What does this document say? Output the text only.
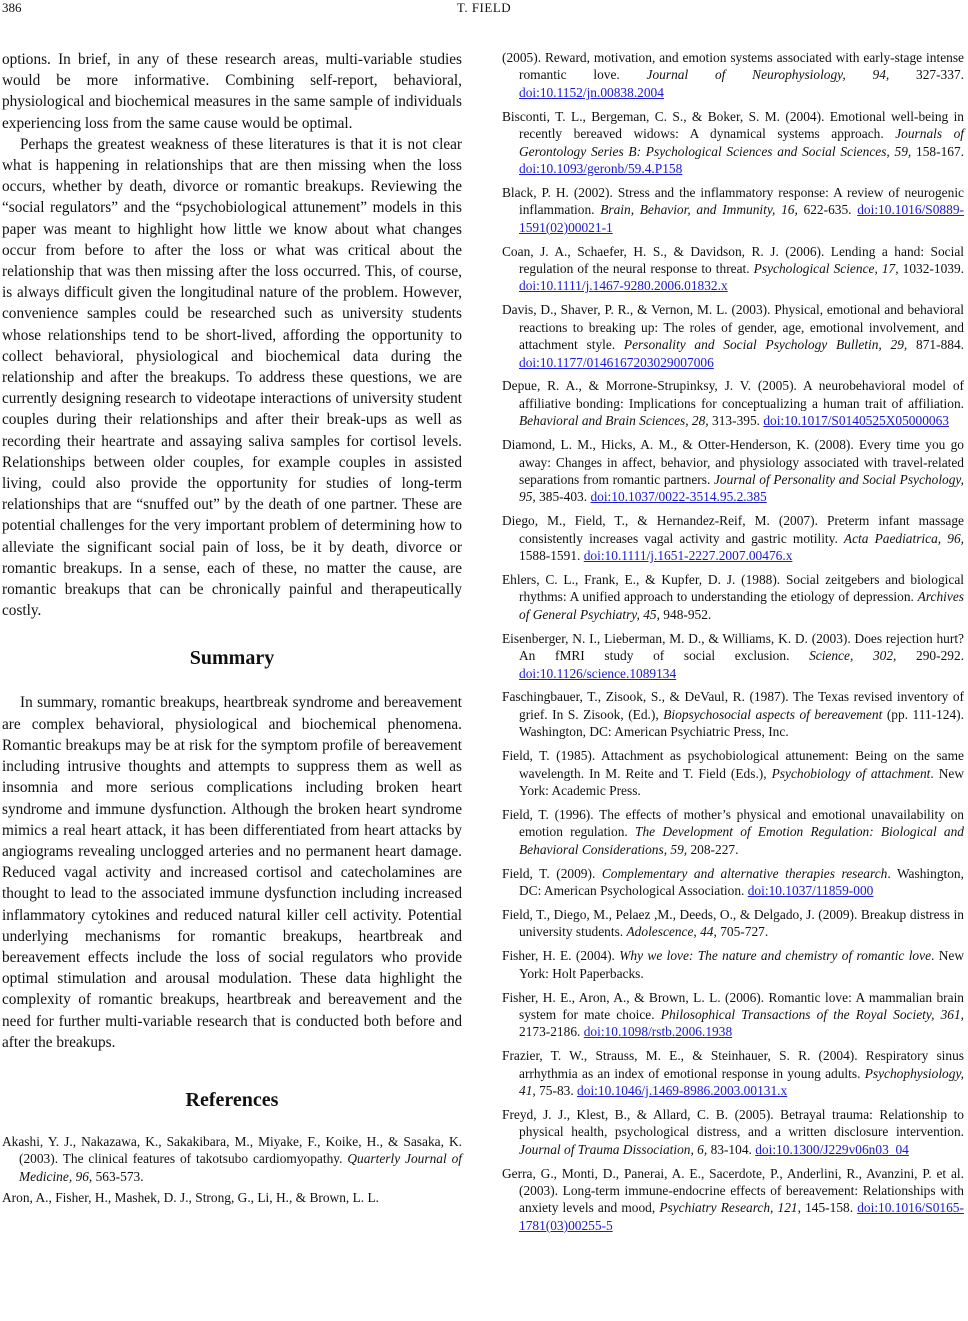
386	T. FIELD

options. In brief, in any of these research areas, multi-variable studies would be more informative. Combining self-report, behavioral, physiological and biochemical measures in the same sample of individuals experiencing loss from the same cause would be optimal.

Perhaps the greatest weakness of these literatures is that it is not clear what is happening in relationships that are then missing when the loss occurs, whether by death, divorce or romantic breakups. Reviewing the “social regulators” and the “psychobiological attunement” models in this paper was meant to highlight how little we know about what changes occur from before to after the loss or what was critical about the relationship that was then missing after the loss occurred. This, of course, is always difficult given the longitudinal nature of the problem. However, convenience samples could be researched such as university students whose relationships tend to be short-lived, affording the opportunity to collect behavioral, physiological and biochemical data during the relationship and after the breakups. To address these questions, we are currently designing research to videotape interactions of university student couples during their relationships and after their break-ups as well as recording their heartrate and assaying saliva samples for cortisol levels. Relationships between older couples, for example couples in assisted living, could also provide the opportunity for studies of long-term relationships that are “snuffed out” by the death of one partner. These are potential challenges for the very important problem of determining how to alleviate the significant social pain of loss, be it by death, divorce or romantic breakups. In a sense, each of these, no matter the cause, are romantic breakups that can be chronically painful and therapeutically costly.

Summary

In summary, romantic breakups, heartbreak syndrome and bereavement are complex behavioral, physiological and biochemical phenomena. Romantic breakups may be at risk for the symptom profile of bereavement including intrusive thoughts and attempts to suppress them as well as insomnia and more serious complications including broken heart syndrome and immune dysfunction. Although the broken heart syndrome mimics a real heart attack, it has been differentiated from heart attacks by angiograms revealing unclogged arteries and no permanent heart damage. Reduced vagal activity and increased cortisol and catecholamines are thought to lead to the associated immune dysfunction including increased inflammatory cytokines and reduced natural killer cell activity. Potential underlying mechanisms for romantic breakups, heartbreak and bereavement effects include the loss of social regulators who provide optimal stimulation and arousal modulation. These data highlight the complexity of romantic breakups, heartbreak and bereavement and the need for further multi-variable research that is conducted both before and after the breakups.

References

Akashi, Y. J., Nakazawa, K., Sakakibara, M., Miyake, F., Koike, H., & Sasaka, K. (2003). The clinical features of takotsubo cardiomyopathy. Quarterly Journal of Medicine, 96, 563-573.

Aron, A., Fisher, H., Mashek, D. J., Strong, G., Li, H., & Brown, L. L.

(2005). Reward, motivation, and emotion systems associated with early-stage intense romantic love. Journal of Neurophysiology, 94, 327-337. doi:10.1152/jn.00838.2004

Bisconti, T. L., Bergeman, C. S., & Boker, S. M. (2004). Emotional well-being in recently bereaved widows: A dynamical systems approach. Journals of Gerontology Series B: Psychological Sciences and Social Sciences, 59, 158-167. doi:10.1093/geronb/59.4.P158

Black, P. H. (2002). Stress and the inflammatory response: A review of neurogenic inflammation. Brain, Behavior, and Immunity, 16, 622-635. doi:10.1016/S0889-1591(02)00021-1

Coan, J. A., Schaefer, H. S., & Davidson, R. J. (2006). Lending a hand: Social regulation of the neural response to threat. Psychological Science, 17, 1032-1039. doi:10.1111/j.1467-9280.2006.01832.x

Davis, D., Shaver, P. R., & Vernon, M. L. (2003). Physical, emotional and behavioral reactions to breaking up: The roles of gender, age, emotional involvement, and attachment style. Personality and Social Psychology Bulletin, 29, 871-884. doi:10.1177/0146167203029007006

Depue, R. A., & Morrone-Strupinksy, J. V. (2005). A neurobehavioral model of affiliative bonding: Implications for conceptualizing a human trait of affiliation. Behavioral and Brain Sciences, 28, 313-395. doi:10.1017/S0140525X05000063

Diamond, L. M., Hicks, A. M., & Otter-Henderson, K. (2008). Every time you go away: Changes in affect, behavior, and physiology associated with travel-related separations from romantic partners. Journal of Personality and Social Psychology, 95, 385-403. doi:10.1037/0022-3514.95.2.385

Diego, M., Field, T., & Hernandez-Reif, M. (2007). Preterm infant massage consistently increases vagal activity and gastric motility. Acta Paediatrica, 96, 1588-1591. doi:10.1111/j.1651-2227.2007.00476.x

Ehlers, C. L., Frank, E., & Kupfer, D. J. (1988). Social zeitgebers and biological rhythms: A unified approach to understanding the etiology of depression. Archives of General Psychiatry, 45, 948-952.

Eisenberger, N. I., Lieberman, M. D., & Williams, K. D. (2003). Does rejection hurt? An fMRI study of social exclusion. Science, 302, 290-292. doi:10.1126/science.1089134

Faschingbauer, T., Zisook, S., & DeVaul, R. (1987). The Texas revised inventory of grief. In S. Zisook, (Ed.), Biopsychosocial aspects of bereavement (pp. 111-124). Washington, DC: American Psychiatric Press, Inc.

Field, T. (1985). Attachment as psychobiological attunement: Being on the same wavelength. In M. Reite and T. Field (Eds.), Psychobiology of attachment. New York: Academic Press.

Field, T. (1996). The effects of mother’s physical and emotional unavailability on emotion regulation. The Development of Emotion Regulation: Biological and Behavioral Considerations, 59, 208-227.

Field, T. (2009). Complementary and alternative therapies research. Washington, DC: American Psychological Association. doi:10.1037/11859-000

Field, T., Diego, M., Pelaez ,M., Deeds, O., & Delgado, J. (2009). Breakup distress in university students. Adolescence, 44, 705-727.

Fisher, H. E. (2004). Why we love: The nature and chemistry of romantic love. New York: Holt Paperbacks.

Fisher, H. E., Aron, A., & Brown, L. L. (2006). Romantic love: A mammalian brain system for mate choice. Philosophical Transactions of the Royal Society, 361, 2173-2186. doi:10.1098/rstb.2006.1938

Frazier, T. W., Strauss, M. E., & Steinhauer, S. R. (2004). Respiratory sinus arrhythmia as an index of emotional response in young adults. Psychophysiology, 41, 75-83. doi:10.1046/j.1469-8986.2003.00131.x

Freyd, J. J., Klest, B., & Allard, C. B. (2005). Betrayal trauma: Relationship to physical health, psychological distress, and a written disclosure intervention. Journal of Trauma Dissociation, 6, 83-104. doi:10.1300/J229v06n03_04

Gerra, G., Monti, D., Panerai, A. E., Sacerdote, P., Anderlini, R., Avanzini, P. et al. (2003). Long-term immune-endocrine effects of bereavement: Relationships with anxiety levels and mood, Psychiatry Research, 121, 145-158. doi:10.1016/S0165-1781(03)00255-5
